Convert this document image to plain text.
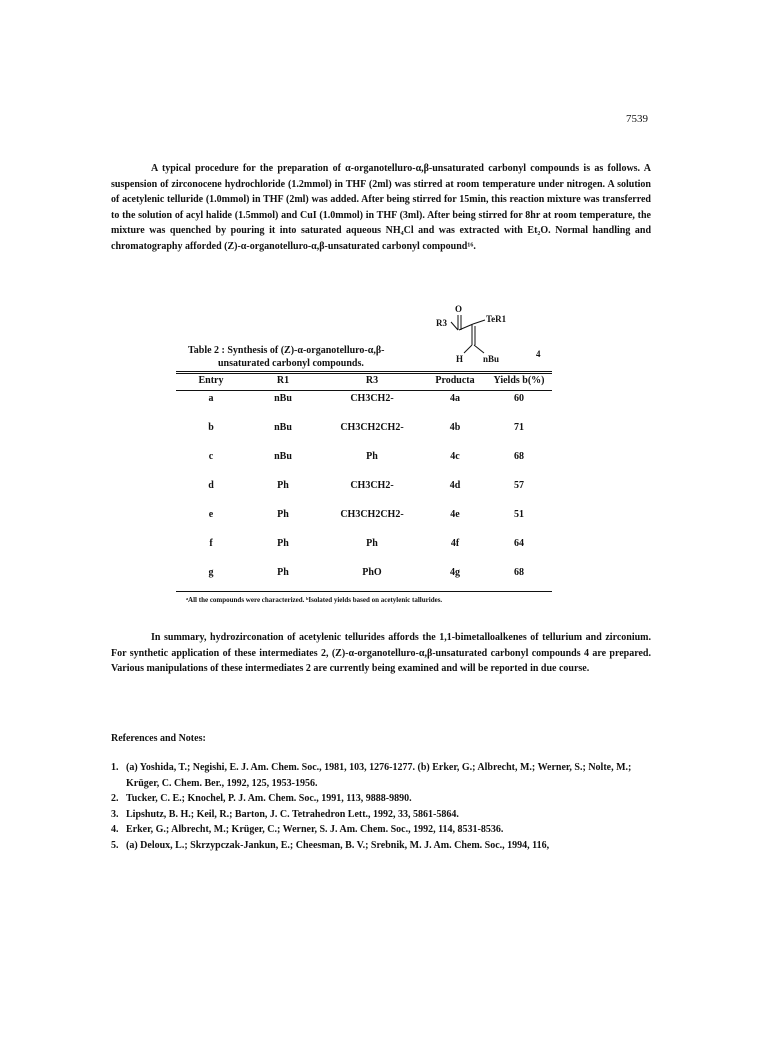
7539
A typical procedure for the preparation of α-organotelluro-α,β-unsaturated carbonyl compounds is as follows. A suspension of zirconocene hydrochloride (1.2mmol) in THF (2ml) was stirred at room temperature under nitrogen. A solution of acetylenic telluride (1.0mmol) in THF (2ml) was added. After being stirred for 15min, this reaction mixture was transferred to the solution of acyl halide (1.5mmol) and CuI (1.0mmol) in THF (3ml). After being stirred for 8hr at room temperature, the mixture was quenched by pouring it into saturated aqueous NH₄Cl and was extracted with Et₂O. Normal handling and chromatography afforded (Z)-α-organotelluro-α,β-unsaturated carbonyl compound¹⁶.
Table 2 : Synthesis of (Z)-α-organotelluro-α,β-
unsaturated carbonyl compounds.
R3
O
TeR1
H nBu	4
Entry	R1	R3	Producta	Yields b(%)
a	nBu	CH3CH2-	4a	60
b	nBu	CH3CH2CH2-	4b	71
c	nBu	Ph	4c	68
d	Ph	CH3CH2-	4d	57
e	Ph	CH3CH2CH2-	4e	51
f	Ph	Ph	4f	64
g	Ph	PhO	4g	68
ᵃAll the compounds were characterized. ᵇIsolated yields based on acetylenic tallurides.
In summary, hydrozirconation of acetylenic tellurides affords the 1,1-bimetalloalkenes of tellurium and zirconium. For synthetic application of these intermediates 2, (Z)-α-organotelluro-α,β-unsaturated carbonyl compounds 4 are prepared. Various manipulations of these intermediates 2 are currently being examined and will be reported in due course.
References and Notes:
1. (a) Yoshida, T.; Negishi, E. J. Am. Chem. Soc., 1981, 103, 1276-1277. (b) Erker, G.; Albrecht, M.; Werner, S.; Nolte, M.; Krüger, C. Chem. Ber., 1992, 125, 1953-1956.
2. Tucker, C. E.; Knochel, P. J. Am. Chem. Soc., 1991, 113, 9888-9890.
3. Lipshutz, B. H.; Keil, R.; Barton, J. C. Tetrahedron Lett., 1992, 33, 5861-5864.
4. Erker, G.; Albrecht, M.; Krüger, C.; Werner, S. J. Am. Chem. Soc., 1992, 114, 8531-8536.
5. (a) Deloux, L.; Skrzypczak-Jankun, E.; Cheesman, B. V.; Srebnik, M. J. Am. Chem. Soc., 1994, 116,
